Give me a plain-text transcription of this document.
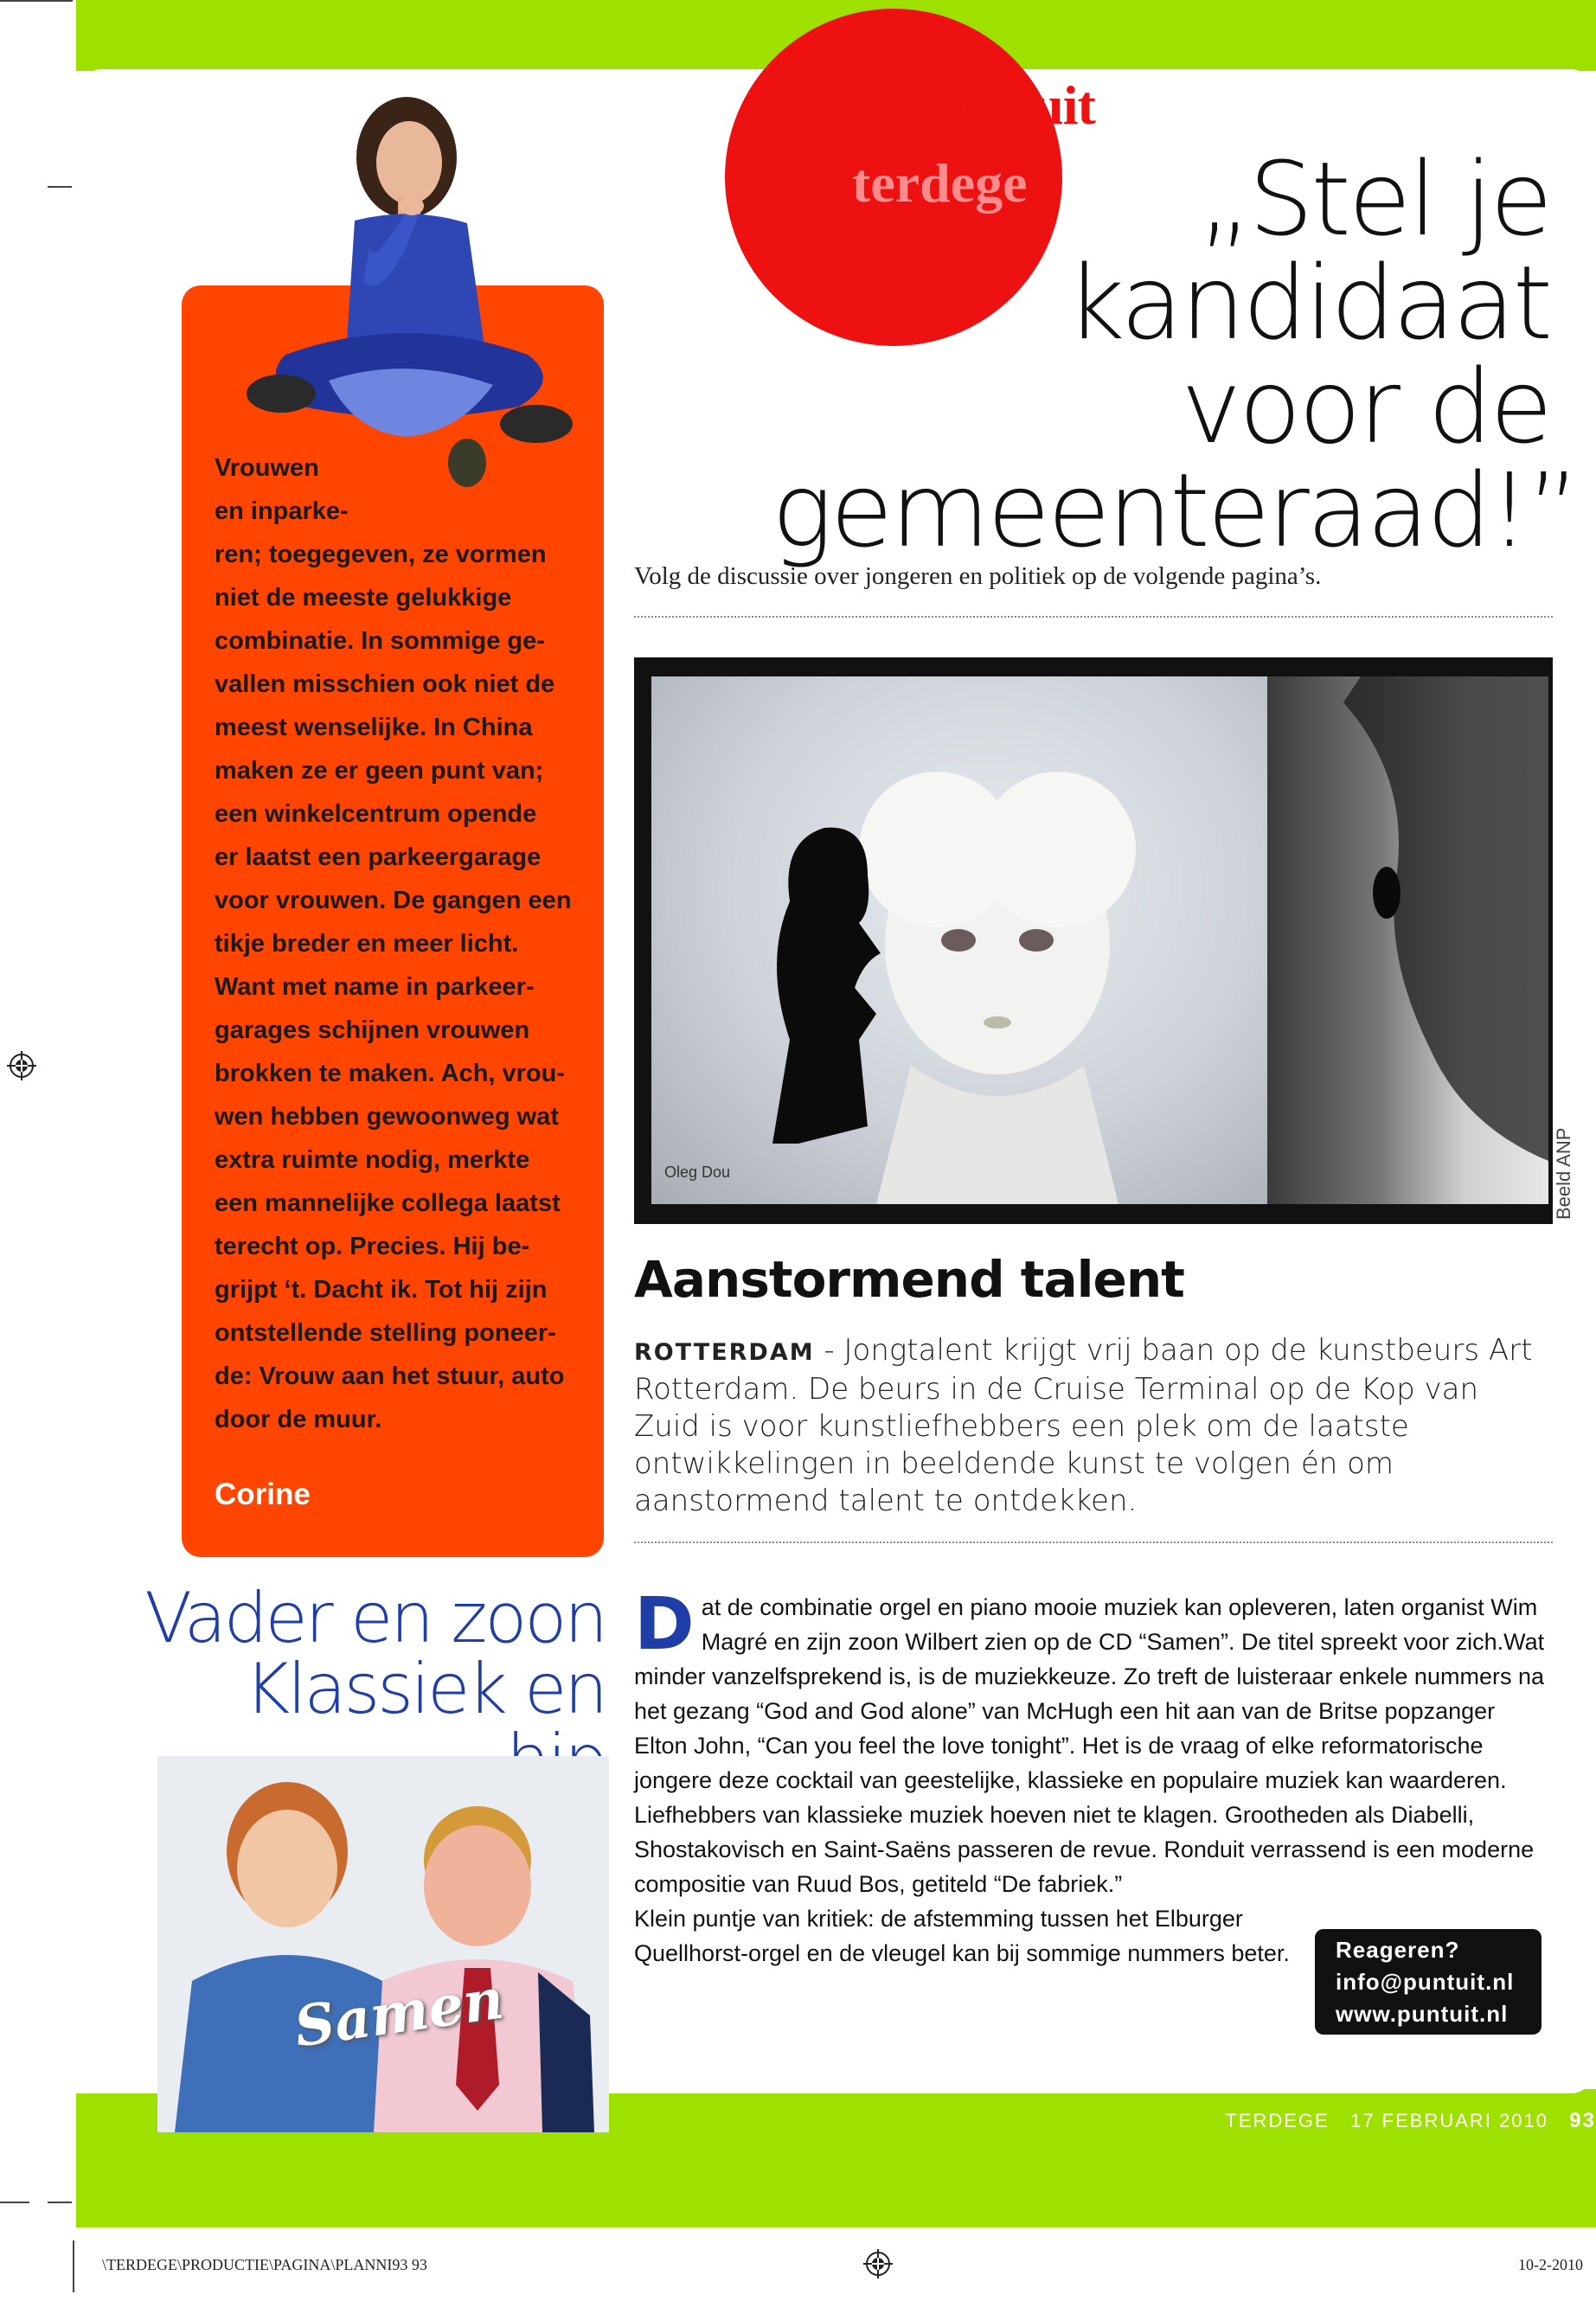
puntuit
terdege	„Stel je
kandidaat
voor de
gemeenteraad!”
Volg de discussie over jongeren en politiek op de volgende pagina’s.
Vrouwen
en inparke-
ren; toegegeven, ze vormen
niet de meeste gelukkige
combinatie. In sommige ge-
vallen misschien ook niet de
meest wenselijke. In China
maken ze er geen punt van;
een winkelcentrum opende
er laatst een parkeergarage
voor vrouwen. De gangen een
tikje breder en meer licht.
Want met name in parkeer-
garages schijnen vrouwen
brokken te maken. Ach, vrou-
wen hebben gewoonweg wat
extra ruimte nodig, merkte
een mannelijke collega laatst
terecht op. Precies. Hij be-
grijpt ‘t. Dacht ik. Tot hij zijn
ontstellende stelling poneer-
de: Vrouw aan het stuur, auto
door de muur.
Corine
Oleg Dou	Beeld ANP
Aanstormend talent
ROTTERDAM - Jongtalent krijgt vrij baan op de kunstbeurs Art Rotterdam. De beurs in de Cruise Terminal op de Kop van Zuid is voor kunstliefhebbers een plek om de laatste ontwikkelingen in beeldende kunst te volgen én om aanstormend talent te ontdekken.
Vader en zoon
Klassiek en
Samen

Dat de combinatie orgel en piano mooie muziek kan opleveren, laten organist Wim Magré en zijn zoon Wilbert zien op de CD “Samen”. De titel spreekt voor zich.Wat minder vanzelfsprekend is, is de muziekkeuze. Zo treft de luisteraar enkele nummers na het gezang “God and God alone” van McHugh een hit aan van de Britse popzanger Elton John, “Can you feel the love tonight”. Het is de vraag of elke reformatorische jongere deze cocktail van geestelijke, klassieke en populaire muziek kan waarderen.

Liefhebbers van klassieke muziek hoeven niet te klagen. Grootheden als Diabelli, Shostakovisch en Saint-Saëns passeren de revue. Ronduit verrassend is een moderne compositie van Ruud Bos, getiteld “De fabriek.”

Klein puntje van kritiek: de afstemming tussen het Elburger Quellhorst-orgel en de vleugel kan bij sommige nummers beter. Reageren?
info@puntuit.nl
www.puntuit.nl
TERDEGE 17 FEBRUARI 2010 93
\TERDEGE\PRODUCTIE\PAGINA\PLANNI93 93	10-2-2010
